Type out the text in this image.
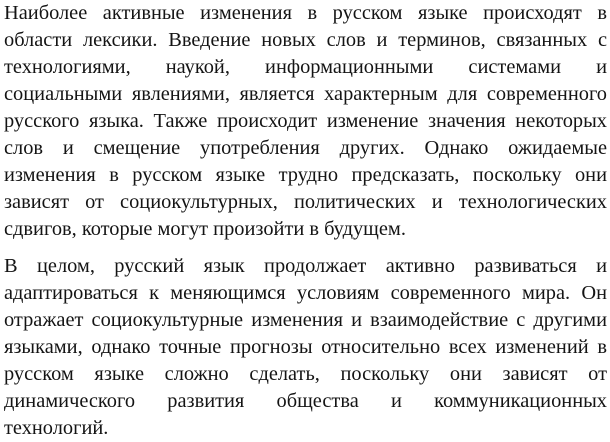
Наиболее активные изменения в русском языке происходят в области лексики. Введение новых слов и терминов, связанных с технологиями, наукой, информационными системами и социальными явлениями, является характерным для современного русского языка. Также происходит изменение значения некоторых слов и смещение употребления других. Однако ожидаемые изменения в русском языке трудно предсказать, поскольку они зависят от социокультурных, политических и технологических сдвигов, которые могут произойти в будущем.

В целом, русский язык продолжает активно развиваться и адаптироваться к меняющимся условиям современного мира. Он отражает социокультурные изменения и взаимодействие с другими языками, однако точные прогнозы относительно всех изменений в русском языке сложно сделать, поскольку они зависят от динамического развития общества и коммуникационных технологий.
